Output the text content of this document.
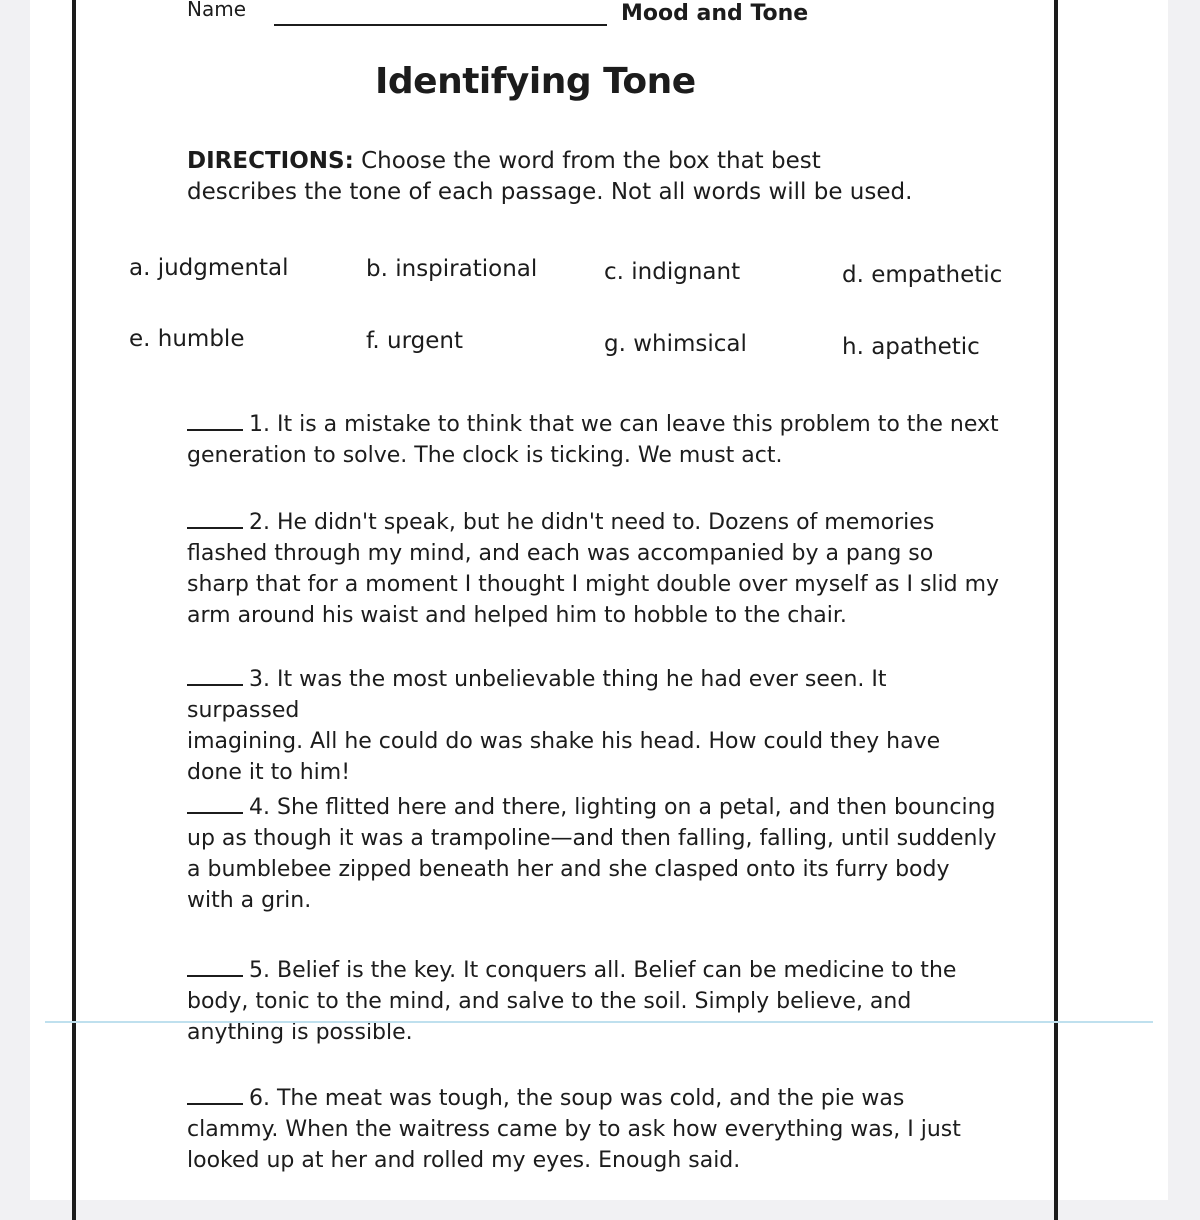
Name	Mood and Tone

Identifying Tone
DIRECTIONS: Choose the word from the box that best
describes the tone of each passage. Not all words will be used.

a. judgmental	b. inspirational	c. indignant	d. empathetic

e. humble	f. urgent	g. whimsical	h. apathetic

1. It is a mistake to think that we can leave this problem to the next
generation to solve. The clock is ticking. We must act.
2. He didn't speak, but he didn't need to. Dozens of memories
flashed through my mind, and each was accompanied by a pang so
sharp that for a moment I thought I might double over myself as I slid my
arm around his waist and helped him to hobble to the chair.
3. It was the most unbelievable thing he had ever seen. It surpassed
imagining. All he could do was shake his head. How could they have
done it to him!
4. She flitted here and there, lighting on a petal, and then bouncing
up as though it was a trampoline—and then falling, falling, until suddenly
a bumblebee zipped beneath her and she clasped onto its furry body
with a grin.
5. Belief is the key. It conquers all. Belief can be medicine to the
body, tonic to the mind, and salve to the soil. Simply believe, and
anything is possible.
6. The meat was tough, the soup was cold, and the pie was
clammy. When the waitress came by to ask how everything was, I just
looked up at her and rolled my eyes. Enough said.
